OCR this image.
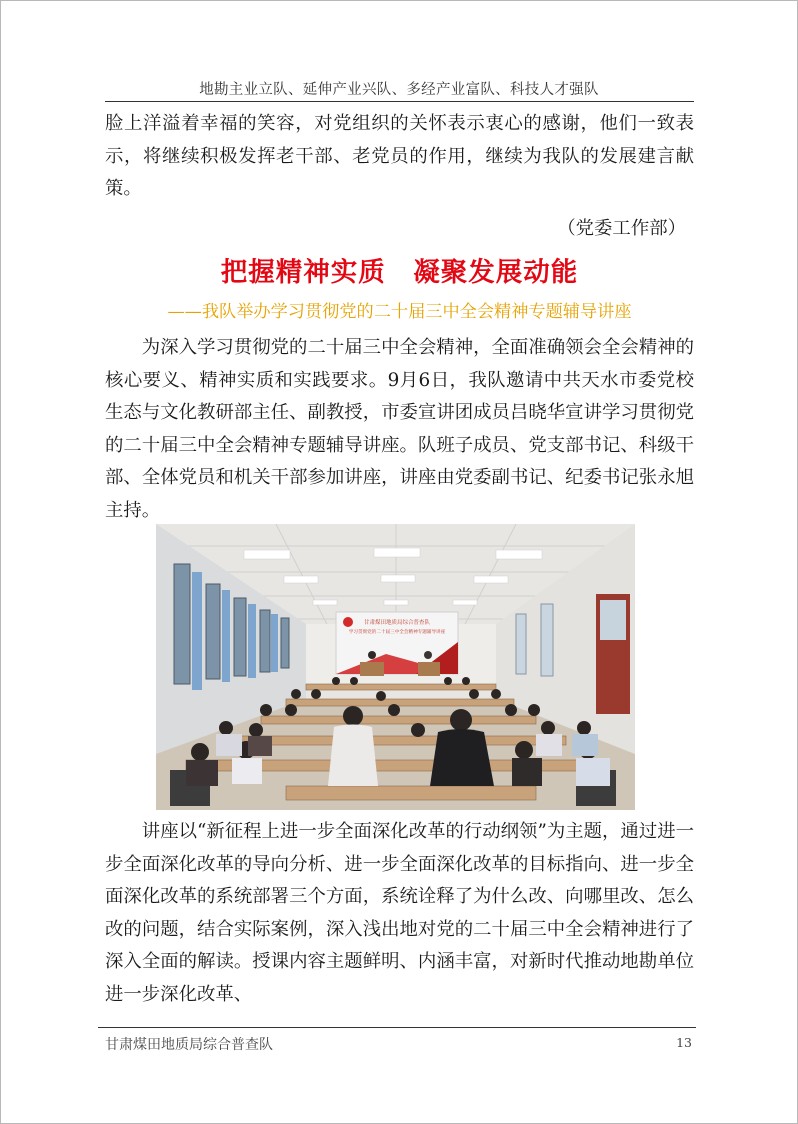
地勘主业立队、延伸产业兴队、多经产业富队、科技人才强队

脸上洋溢着幸福的笑容，对党组织的关怀表示衷心的感谢，他们一致表示，将继续积极发挥老干部、老党员的作用，继续为我队的发展建言献策。

（党委工作部）
把握精神实质　凝聚发展动能
——我队举办学习贯彻党的二十届三中全会精神专题辅导讲座

为深入学习贯彻党的二十届三中全会精神，全面准确领会全会精神的核心要义、精神实质和实践要求。9月6日，我队邀请中共天水市委党校生态与文化教研部主任、副教授，市委宣讲团成员吕晓华宣讲学习贯彻党的二十届三中全会精神专题辅导讲座。队班子成员、党支部书记、科级干部、全体党员和机关干部参加讲座，讲座由党委副书记、纪委书记张永旭主持。

甘肃煤田地质局综合普查队
学习贯彻党的二十届三中全会精神专题辅导讲座

讲座以“新征程上进一步全面深化改革的行动纲领”为主题，通过进一步全面深化改革的导向分析、进一步全面深化改革的目标指向、进一步全面深化改革的系统部署三个方面，系统诠释了为什么改、向哪里改、怎么改的问题，结合实际案例，深入浅出地对党的二十届三中全会精神进行了深入全面的解读。授课内容主题鲜明、内涵丰富，对新时代推动地勘单位进一步深化改革、

甘肃煤田地质局综合普查队	13
